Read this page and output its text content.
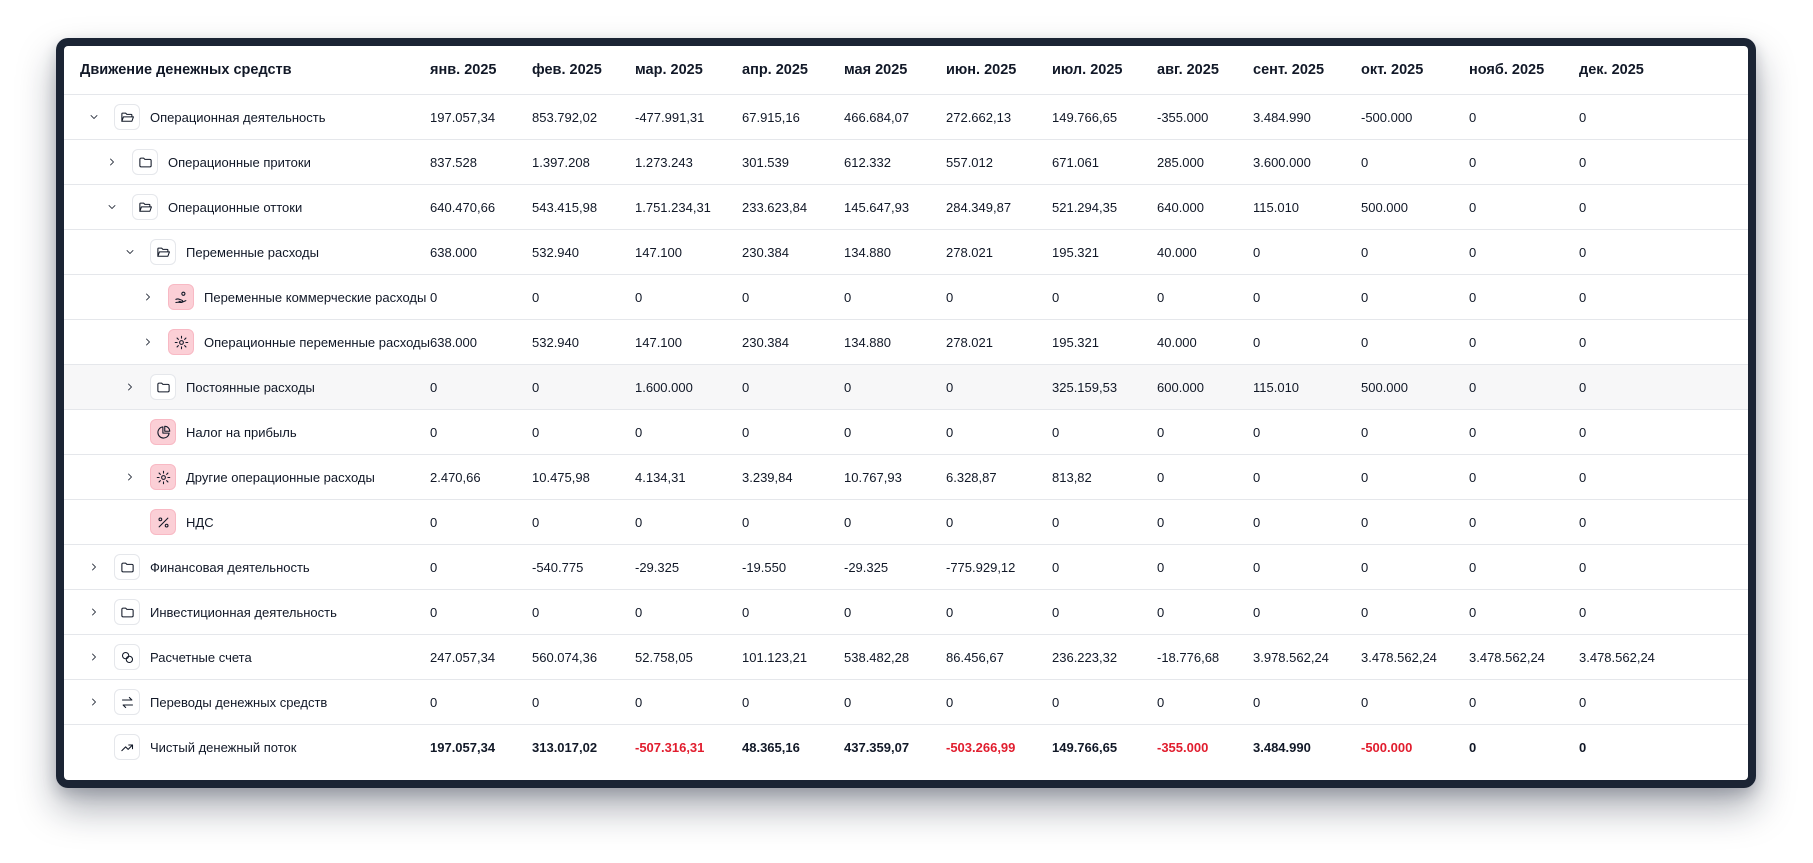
Движение денежных средств	янв. 2025	фев. 2025	мар. 2025	апр. 2025	мая 2025	июн. 2025	июл. 2025	авг. 2025	сент. 2025	окт. 2025	нояб. 2025	дек. 2025

Операционная деятельность	197.057,34	853.792,02	-477.991,31	67.915,16	466.684,07	272.662,13	149.766,65	-355.000	3.484.990	-500.000	0	0

Операционные притоки	837.528	1.397.208	1.273.243	301.539	612.332	557.012	671.061	285.000	3.600.000	0	0	0

Операционные оттоки	640.470,66	543.415,98	1.751.234,31	233.623,84	145.647,93	284.349,87	521.294,35	640.000	115.010	500.000	0	0

Переменные расходы	638.000	532.940	147.100	230.384	134.880	278.021	195.321	40.000	0	0	0	0

Переменные коммерческие расходы	0	0	0	0	0	0	0	0	0	0	0	0

Операционные переменные расходы	638.000	532.940	147.100	230.384	134.880	278.021	195.321	40.000	0	0	0	0

Постоянные расходы	0	0	1.600.000	0	0	0	325.159,53	600.000	115.010	500.000	0	0

Налог на прибыль	0	0	0	0	0	0	0	0	0	0	0	0

Другие операционные расходы	2.470,66	10.475,98	4.134,31	3.239,84	10.767,93	6.328,87	813,82	0	0	0	0	0

НДС	0	0	0	0	0	0	0	0	0	0	0	0

Финансовая деятельность	0	-540.775	-29.325	-19.550	-29.325	-775.929,12	0	0	0	0	0	0

Инвестиционная деятельность	0	0	0	0	0	0	0	0	0	0	0	0

Расчетные счета	247.057,34	560.074,36	52.758,05	101.123,21	538.482,28	86.456,67	236.223,32	-18.776,68	3.978.562,24	3.478.562,24	3.478.562,24	3.478.562,24

Переводы денежных средств	0	0	0	0	0	0	0	0	0	0	0	0

Чистый денежный поток	197.057,34	313.017,02	-507.316,31	48.365,16	437.359,07	-503.266,99	149.766,65	-355.000	3.484.990	-500.000	0	0
